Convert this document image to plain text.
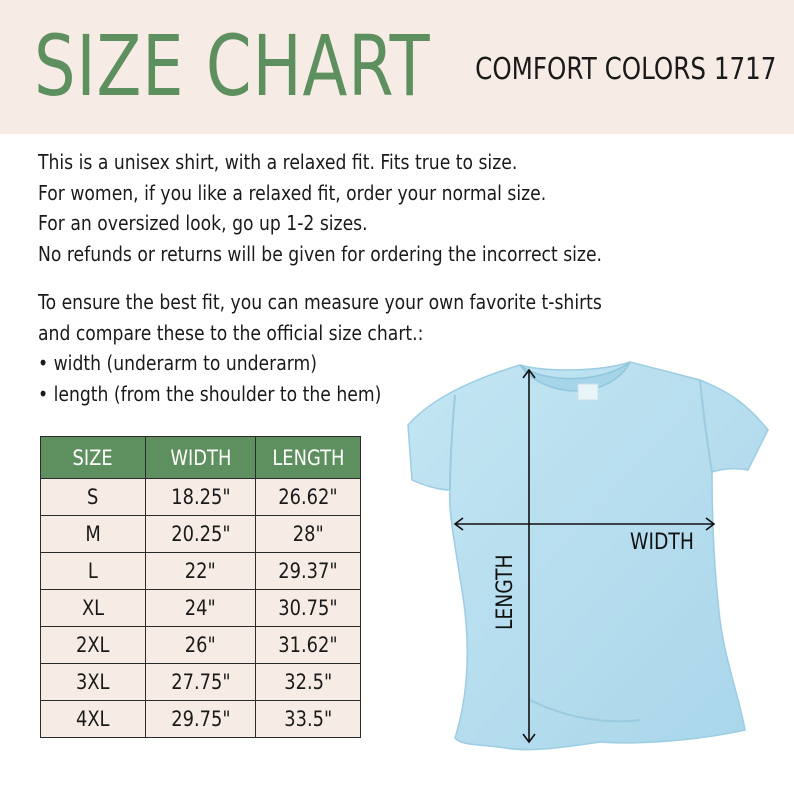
SIZE CHART COMFORT COLORS 1717

This is a unisex shirt, with a relaxed fit. Fits true to size.

For women, if you like a relaxed fit, order your normal size.

For an oversized look, go up 1-2 sizes.

No refunds or returns will be given for ordering the incorrect size.

To ensure the best fit, you can measure your own favorite t-shirts

and compare these to the official size chart.:

• width (underarm to underarm)

• length (from the shoulder to the hem)

SIZE	WIDTH	LENGTH
S	18.25"	26.62"
M	20.25"	28"
L	22"	29.37"
XL	24"	30.75"
2XL	26"	31.62"
3XL	27.75"	32.5"
4XL	29.75"	33.5"
WIDTH
LENGTH
